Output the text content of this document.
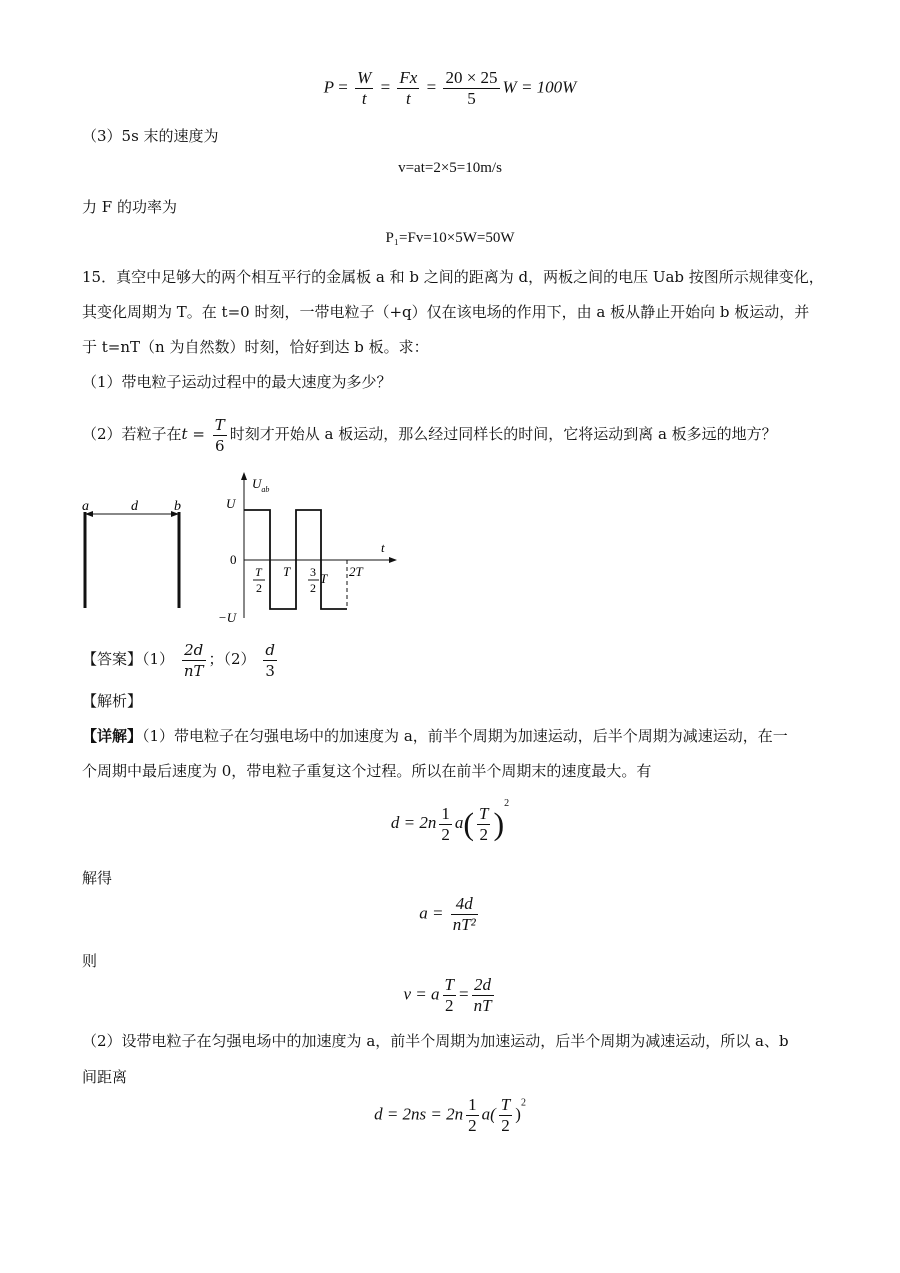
$P = \frac{W}{t} = \frac{Fx}{t} = \frac{20 \times 25}{5}$ W = 100W
（3）5s 末的速度为
v=at=2×5=10m/s
力 F 的功率为
P₁=Fv=10×5W=50W
15．真空中足够大的两个相互平行的金属板 a 和 b 之间的距离为 d，两板之间的电压 Uab 按图所示规律变化，
其变化周期为 T。在 t=0 时刻，一带电粒子（+q）仅在该电场的作用下，由 a 板从静止开始向 b 板运动，并
于 t=nT（n 为自然数）时刻，恰好到达 b 板。求：
（1）带电粒子运动过程中的最大速度为多少？
（2）若粒子在$t = \frac{T}{6}$ 时刻才开始从 a 板运动，那么经过同样长的时间，它将运动到离 a 板多远的地方？
a	d	b
$U_{ab}$
t
U
0
−U
T
2
T 3
2
T 2T
【答案】$(1) \frac{2d}{nT}$ ；$(2) \frac{d}{3}$
【解析】
【详解】（1）带电粒子在匀强电场中的加速度为 a，前半个周期为加速运动，后半个周期为减速运动，在一
个周期中最后速度为 0，带电粒子重复这个过程。所以在前半个周期末的速度最大。有
$d = 2n \frac{1}{2} a( \frac{T}{2} )^2$
解得
$a = \frac{4d}{\text{nT²}}$
则
v = a $\frac{T}{2} = \frac{2d}{nT}$
（2）设带电粒子在匀强电场中的加速度为 a，前半个周期为加速运动，后半个周期为减速运动，所以 a、b
间距离
$d = 2ns = 2n \frac{1}{2} a( \frac{T}{2} )^2$
